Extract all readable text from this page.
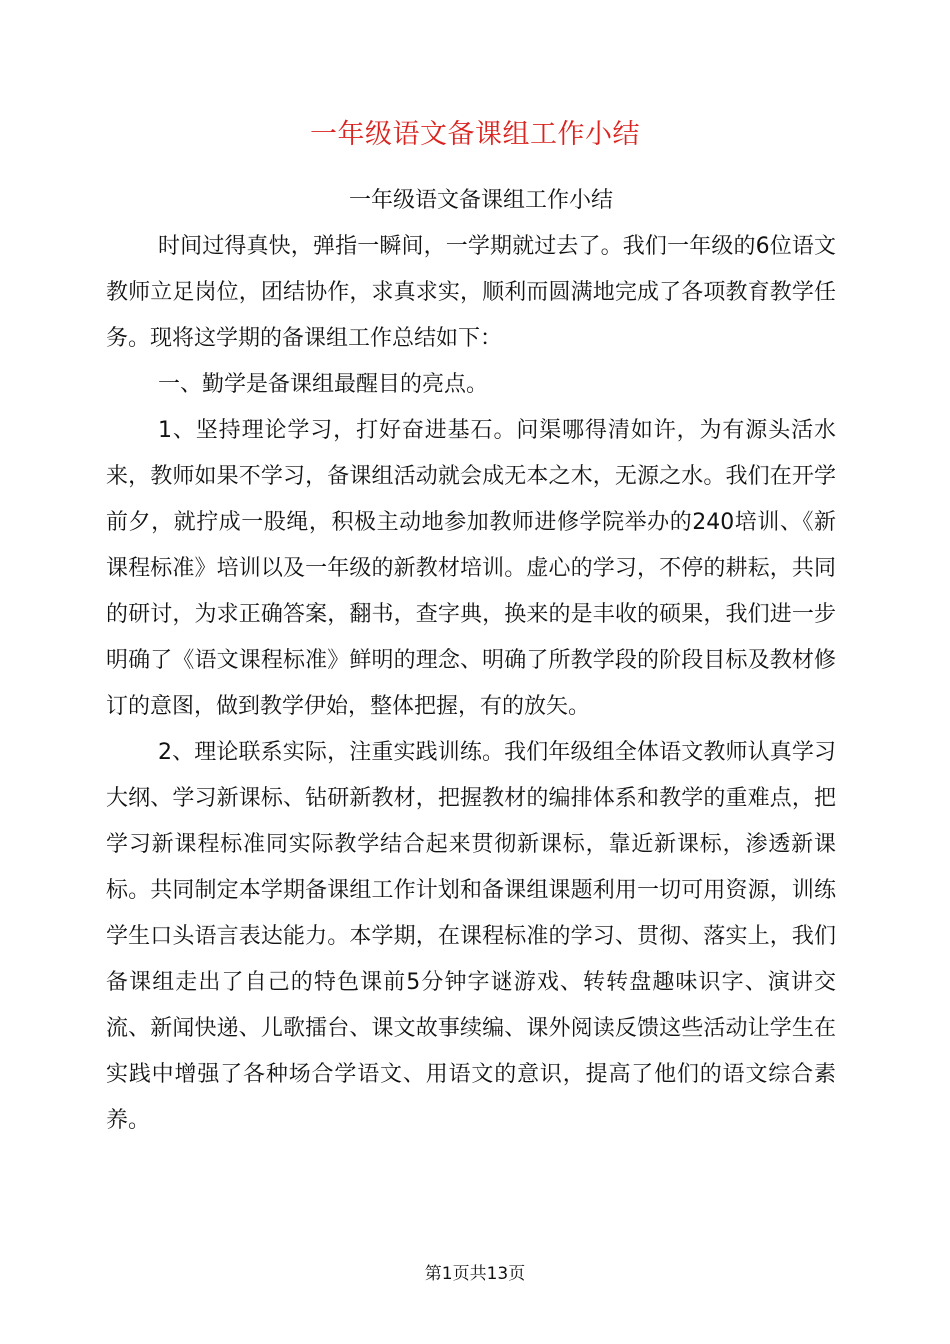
一年级语文备课组工作小结

一年级语文备课组工作小结

时间过得真快，弹指一瞬间，一学期就过去了。我们一年级的6位语文教师立足岗位，团结协作，求真求实，顺利而圆满地完成了各项教育教学任务。现将这学期的备课组工作总结如下：

一、勤学是备课组最醒目的亮点。

1、坚持理论学习，打好奋进基石。问渠哪得清如许，为有源头活水来，教师如果不学习，备课组活动就会成无本之木，无源之水。我们在开学前夕，就拧成一股绳，积极主动地参加教师进修学院举办的240培训、《新课程标准》培训以及一年级的新教材培训。虚心的学习，不停的耕耘，共同的研讨，为求正确答案，翻书，查字典，换来的是丰收的硕果，我们进一步明确了《语文课程标准》鲜明的理念、明确了所教学段的阶段目标及教材修订的意图，做到教学伊始，整体把握，有的放矢。

2、理论联系实际，注重实践训练。我们年级组全体语文教师认真学习大纲、学习新课标、钻研新教材，把握教材的编排体系和教学的重难点，把学习新课程标准同实际教学结合起来贯彻新课标，靠近新课标，渗透新课标。共同制定本学期备课组工作计划和备课组课题利用一切可用资源，训练学生口头语言表达能力。本学期，在课程标准的学习、贯彻、落实上，我们备课组走出了自己的特色课前5分钟字谜游戏、转转盘趣味识字、演讲交流、新闻快递、儿歌擂台、课文故事续编、课外阅读反馈这些活动让学生在实践中增强了各种场合学语文、用语文的意识，提高了他们的语文综合素养。

第1页共13页
